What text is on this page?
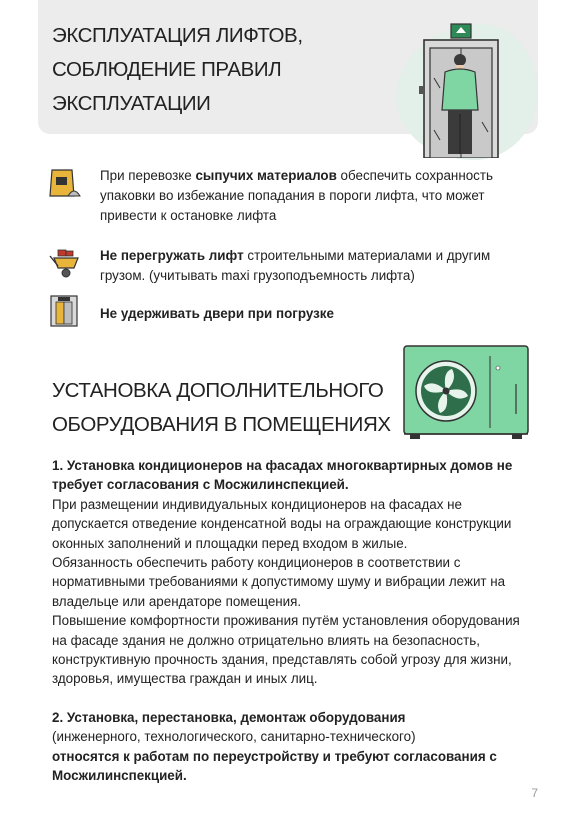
ЭКСПЛУАТАЦИЯ ЛИФТОВ,
СОБЛЮДЕНИЕ ПРАВИЛ
ЭКСПЛУАТАЦИИ
При перевозке сыпучих материалов обеспечить сохранность упаковки во избежание попадания в пороги лифта, что может привести к остановке лифта
Не перегружать лифт строительными материалами и другим грузом. (учитывать maxi грузоподъемность лифта)
Не удерживать двери при погрузке
УСТАНОВКА ДОПОЛНИТЕЛЬНОГО
ОБОРУДОВАНИЯ В ПОМЕЩЕНИЯХ

1. Установка кондиционеров на фасадах многоквартирных домов не требует согласования с Мосжилинспекцией.

При размещении индивидуальных кондиционеров на фасадах не допускается отведение конденсатной воды на ограждающие конструкции оконных заполнений и площадки перед входом в жилые.

Обязанность обеспечить работу кондиционеров в соответствии с нормативными требованиями к допустимому шуму и вибрации лежит на владельце или арендаторе помещения.

Повышение комфортности проживания путём установления оборудования на фасаде здания не должно отрицательно влиять на безопасность, конструктивную прочность здания, представлять собой угрозу для жизни, здоровья, имущества граждан и иных лиц.

2. Установка, перестановка, демонтаж оборудования

(инженерного, технологического, санитарно-технического)

относятся к работам по переустройству и требуют согласования с Мосжилинспекцией.

7
